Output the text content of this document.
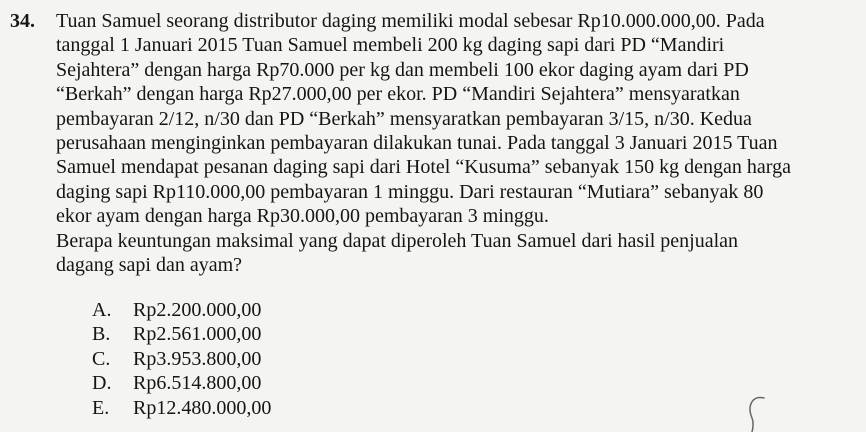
34. Tuan Samuel seorang distributor daging memiliki modal sebesar Rp10.000.000,00. Pada
tanggal 1 Januari 2015 Tuan Samuel membeli 200 kg daging sapi dari PD “Mandiri
Sejahtera” dengan harga Rp70.000 per kg dan membeli 100 ekor daging ayam dari PD
“Berkah” dengan harga Rp27.000,00 per ekor. PD “Mandiri Sejahtera” mensyaratkan
pembayaran 2/12, n/30 dan PD “Berkah” mensyaratkan pembayaran 3/15, n/30. Kedua
perusahaan menginginkan pembayaran dilakukan tunai. Pada tanggal 3 Januari 2015 Tuan
Samuel mendapat pesanan daging sapi dari Hotel “Kusuma” sebanyak 150 kg dengan harga
daging sapi Rp110.000,00 pembayaran 1 minggu. Dari restauran “Mutiara” sebanyak 80
ekor ayam dengan harga Rp30.000,00 pembayaran 3 minggu.
Berapa keuntungan maksimal yang dapat diperoleh Tuan Samuel dari hasil penjualan
dagang sapi dan ayam?
A. Rp2.200.000,00
B. Rp2.561.000,00
C. Rp3.953.800,00
D. Rp6.514.800,00
E. Rp12.480.000,00
